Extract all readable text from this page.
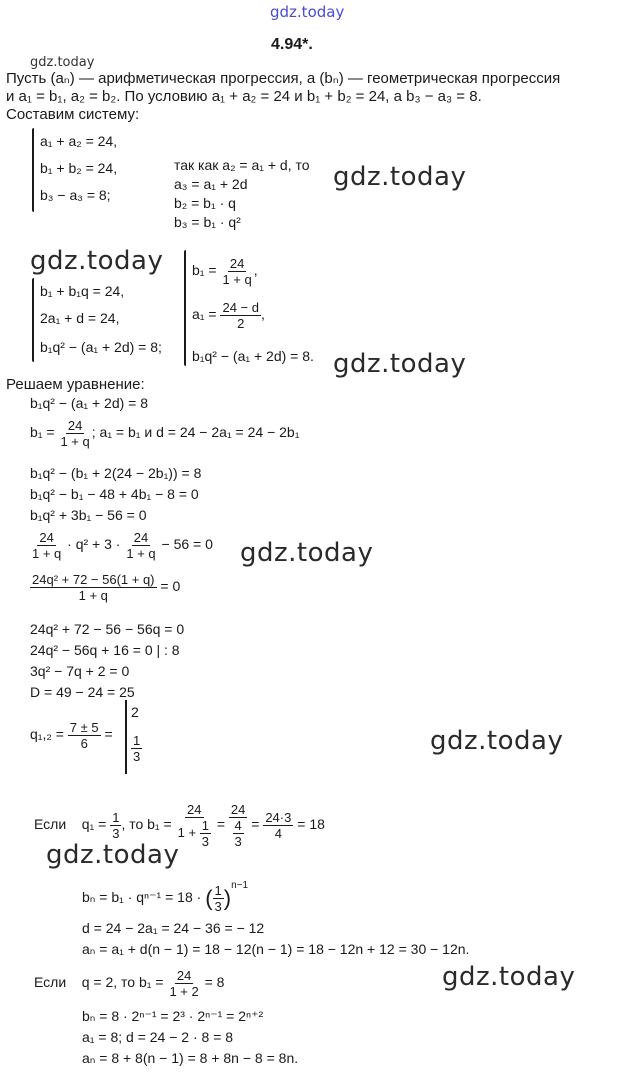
gdz.today
gdz.today
gdz.today
gdz.today
gdz.today
gdz.today
gdz.today
gdz.today
gdz.today
4.94*.
Пусть (aₙ) — арифметическая прогрессия, а (bₙ) — геометрическая прогрессия
и a₁ = b₁, a₂ = b₂. По условию a₁ + a₂ = 24 и b₁ + b₂ = 24, а b₃ − a₃ = 8.
Составим систему:
a₁ + a₂ = 24,
b₁ + b₂ = 24,
b₃ − a₃ = 8;
так как a₂ = a₁ + d, то
a₃ = a₁ + 2d
b₂ = b₁ · q
b₃ = b₁ · q²
b₁ + b₁q = 24,
2a₁ + d = 24,
b₁q² − (a₁ + 2d) = 8;
$b_1 = \frac{24}{1 + q}$ ,
$a_1 = \frac{24 - d}{2}$ ,
b₁q² − (a₁ + 2d) = 8.
Решаем уравнение:
b₁q² − (a₁ + 2d) = 8
$b_1 = \frac{24}{1 + q}$ ; a₁ = b₁ и d = 24 − 2a₁ = 24 − 2b₁
b₁q² − (b₁ + 2(24 − 2b₁)) = 8
b₁q² − b₁ − 48 + 4b₁ − 8 = 0
b₁q² + 3b₁ − 56 = 0
$\frac{24}{1 + q} \cdot q^2 + 3 \cdot \frac{24}{1 + q} - 56 = 0$
$\frac{\text{24q² + 72 − 56(1 + q)}}{1 + q} = 0$
24q² + 72 − 56 − 56q = 0
24q² − 56q + 16 = 0 | : 8
3q² − 7q + 2 = 0
D = 49 − 24 = 25
$q_1,_2 = \frac{7 \pm 5}{6}$ =
2
$\frac{1}{3}$
Если $q_1 = \frac{1}{3}$ , то $b_1 = \frac{24}{1 + \frac{1}{3}} = \frac{24}{\frac{4}{3}} = \frac{24\cdot 3}{4} = 18$
bₙ = b₁ · qⁿ⁻¹ = 18 · ( $\frac{1}{3} )^{n-1}$
d = 24 − 2a₁ = 24 − 36 = − 12
aₙ = a₁ + d(n − 1) = 18 − 12(n − 1) = 18 − 12n + 12 = 30 − 12n.
Если q = 2, то $b_1 = \frac{24}{1 + 2} = 8$
bₙ = 8 · 2ⁿ⁻¹ = 2³ · 2ⁿ⁻¹ = 2ⁿ⁺²
a₁ = 8; d = 24 − 2 · 8 = 8
aₙ = 8 + 8(n − 1) = 8 + 8n − 8 = 8n.
